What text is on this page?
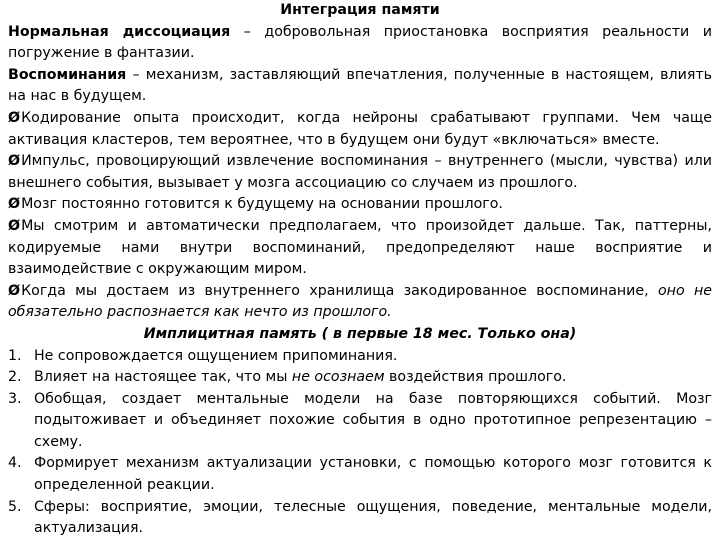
Интеграция памяти

Нормальная диссоциация – добровольная приостановка восприятия реальности и погружение в фантазии.

Воспоминания – механизм, заставляющий впечатления, полученные в настоящем, влиять на нас в будущем.

ØКодирование опыта происходит, когда нейроны срабатывают группами. Чем чаще активация кластеров, тем вероятнее, что в будущем они будут «включаться» вместе.

ØИмпульс, провоцирующий извлечение воспоминания – внутреннего (мысли, чувства) или внешнего события, вызывает у мозга ассоциацию со случаем из прошлого.

ØМозг постоянно готовится к будущему на основании прошлого.

ØМы смотрим и автоматически предполагаем, что произойдет дальше. Так, паттерны, кодируемые нами внутри воспоминаний, предопределяют наше восприятие и взаимодействие с окружающим миром.

ØКогда мы достаем из внутреннего хранилища закодированное воспоминание, оно не обязательно распознается как нечто из прошлого.

Имплицитная память ( в первые 18 мес. Только она)

1. Не сопровождается ощущением припоминания.
2. Влияет на настоящее так, что мы не осознаем воздействия прошлого.
3. Обобщая, создает ментальные модели на базе повторяющихся событий. Мозг подытоживает и объединяет похожие события в одно прототипное репрезентацию – схему.
4. Формирует механизм актуализации установки, с помощью которого мозг готовится к определенной реакции.
5. Сферы: восприятие, эмоции, телесные ощущения, поведение, ментальные модели, актуализация.
